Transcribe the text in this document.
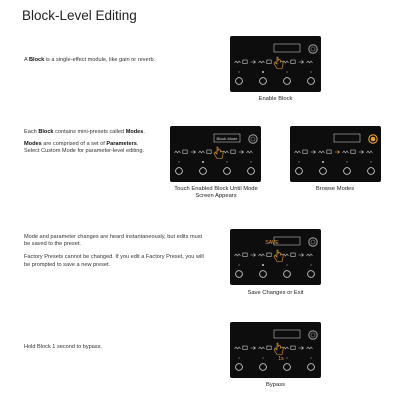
Block-Level Editing
A Block is a single-effect module, like gain or reverb.
Enable Block
Each Block contains mini-presets called Modes.
Modes are comprised of a set of Parameters. Select Custom Mode for parameter-level editing.
Block Mode
Touch Enabled Block Until Mode Screen Appears
Browse Modes
Mode and parameter changes are heard instantaneously, but edits must be saved to the preset.
Factory Presets cannot be changed. If you edit a Factory Preset, you will be prompted to save a new preset.
SAVE
Save Changes or Exit
Hold Block 1 second to bypass.
1s
Bypass
